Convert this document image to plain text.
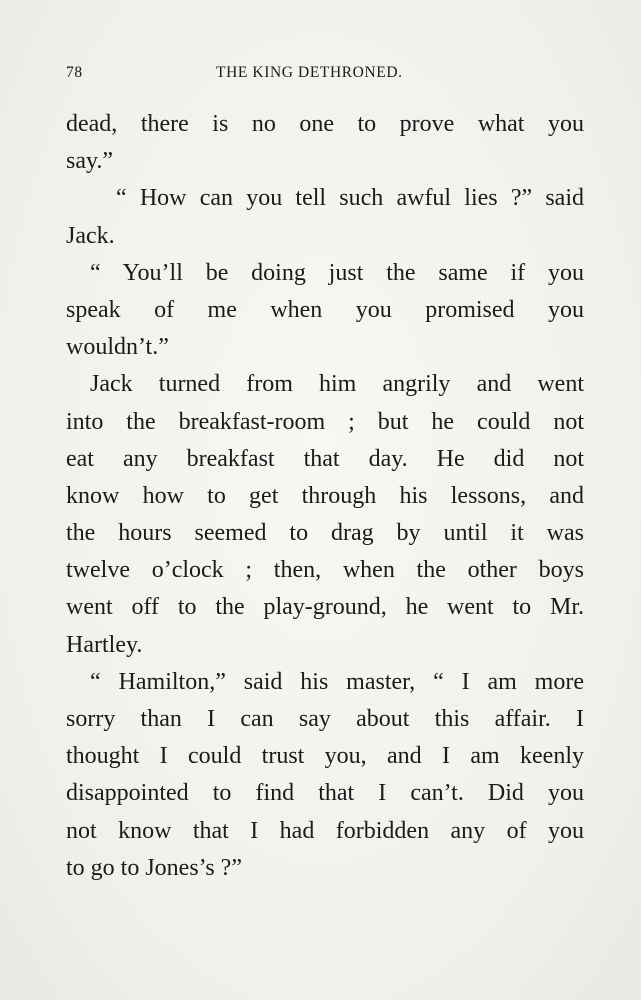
78	THE KING DETHRONED.
dead, there is no one to prove what you
say.”
“ How can you tell such awful lies ?” said
Jack.
“ You’ll be doing just the same if you
speak of me when you promised you
wouldn’t.”
Jack turned from him angrily and went
into the breakfast-room ; but he could not
eat any breakfast that day. He did not
know how to get through his lessons, and
the hours seemed to drag by until it was
twelve o’clock ; then, when the other boys
went off to the play-ground, he went to Mr.
Hartley.
“ Hamilton,” said his master, “ I am more
sorry than I can say about this affair. I
thought I could trust you, and I am keenly
disappointed to find that I can’t. Did you
not know that I had forbidden any of you
to go to Jones’s ?”
